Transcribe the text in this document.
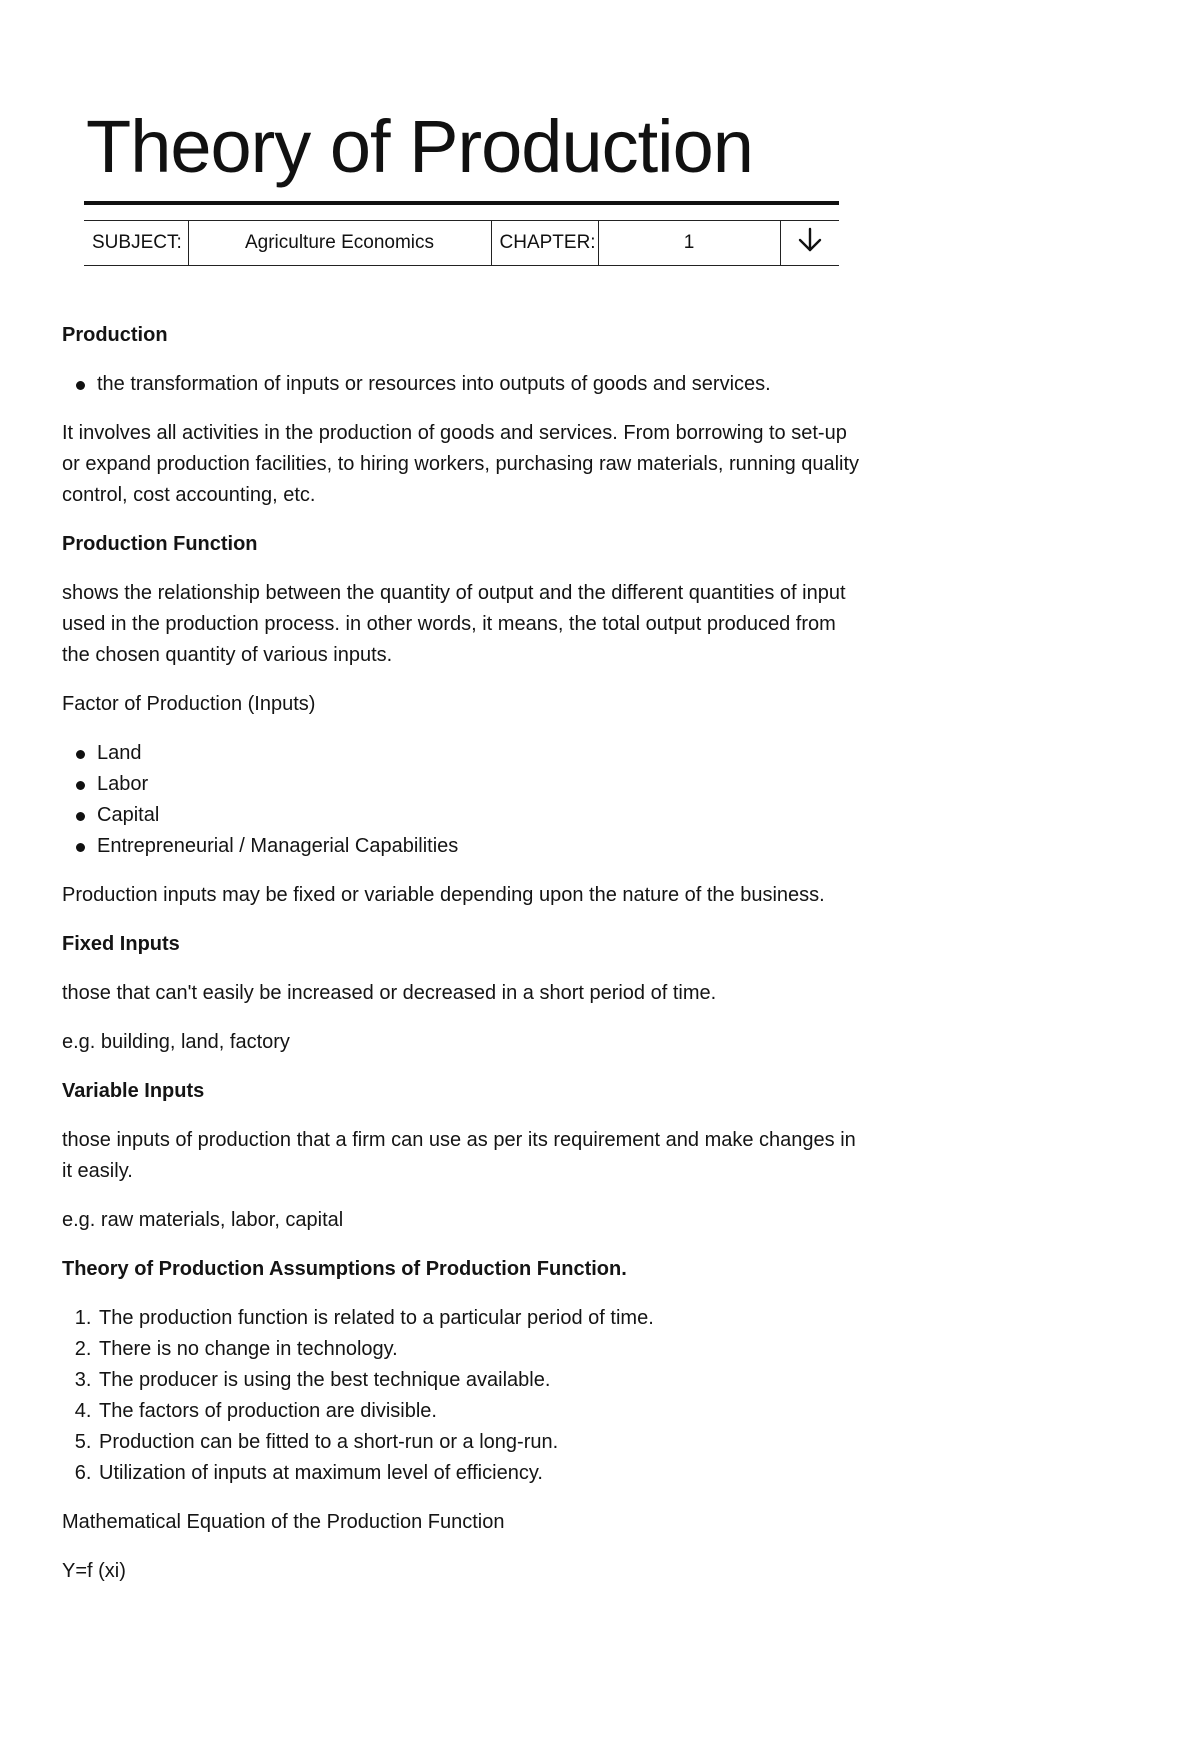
Theory of Production
SUBJECT:	Agriculture Economics	CHAPTER:	1	

Production

the transformation of inputs or resources into outputs of goods and services.

It involves all activities in the production of goods and services. From borrowing to set-up or expand production facilities, to hiring workers, purchasing raw materials, running quality control, cost accounting, etc.

Production Function

shows the relationship between the quantity of output and the different quantities of input used in the production process. in other words, it means, the total output produced from the chosen quantity of various inputs.

Factor of Production (Inputs)

Land
Labor
Capital
Entrepreneurial / Managerial Capabilities

Production inputs may be fixed or variable depending upon the nature of the business.

Fixed Inputs

those that can't easily be increased or decreased in a short period of time.

e.g. building, land, factory

Variable Inputs

those inputs of production that a firm can use as per its requirement and make changes in it easily.

e.g. raw materials, labor, capital

Theory of Production Assumptions of Production Function.

1. The production function is related to a particular period of time.
2. There is no change in technology.
3. The producer is using the best technique available.
4. The factors of production are divisible.
5. Production can be fitted to a short-run or a long-run.
6. Utilization of inputs at maximum level of efficiency.

Mathematical Equation of the Production Function

Y=f (xi)
